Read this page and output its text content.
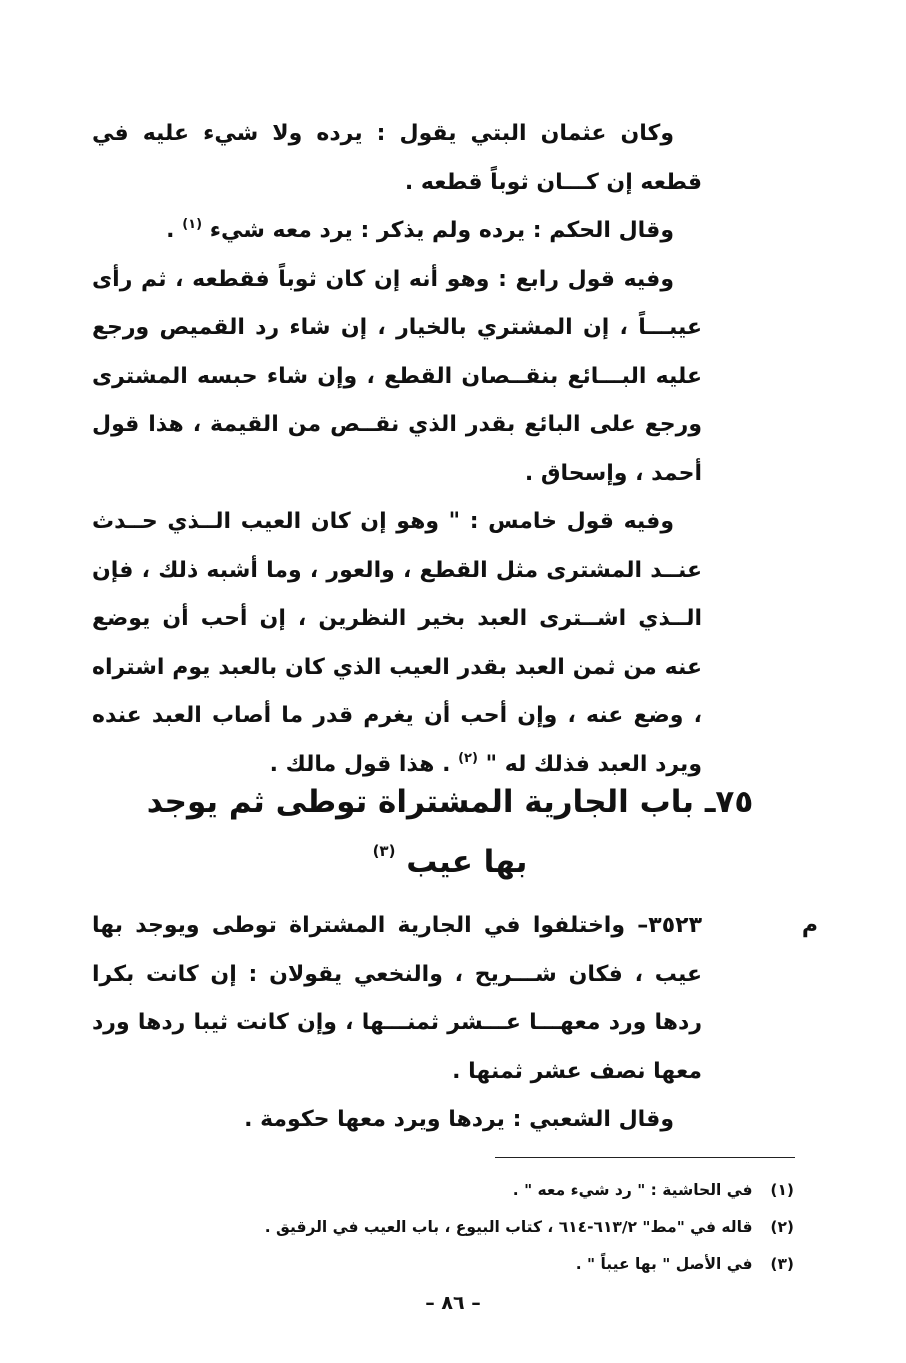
وكان عثمان البتي يقول : يرده ولا شيء عليه في قطعه إن كـــان ثوباً قطعه .

وقال الحكم : يرده ولم يذكر : يرد معه شيء $^{(١)}$ .

وفيه قول رابع : وهو أنه إن كان ثوباً فقطعه ، ثم رأى عيبـــاً ، إن المشتري بالخيار ، إن شاء رد القميص ورجع عليه البـــائع بنقــصان القطع ، وإن شاء حبسه المشترى ورجع على البائع بقدر الذي نقــص من القيمة ، هذا قول أحمد ، وإسحاق .

وفيه قول خامس : " وهو إن كان العيب الــذي حــدث عنــد المشترى مثل القطع ، والعور ، وما أشبه ذلك ، فإن الــذي اشــترى العبد بخير النظرين ، إن أحب أن يوضع عنه من ثمن العبد بقدر العيب الذي كان بالعبد يوم اشتراه ، وضع عنه ، وإن أحب أن يغرم قدر ما أصاب العبد عنده ويرد العبد فذلك له " $^{(٢)}$ . هذا قول مالك .

٧٥ـ باب الجارية المشتراة توطى ثم يوجد بها عيب $^{(٣)}$
م

٣٥٢٣– واختلفوا في الجارية المشتراة توطى ويوجد بها عيب ، فكان شـــريح ، والنخعي يقولان : إن كانت بكرا ردها ورد معهـــا عـــشر ثمنـــها ، وإن كانت ثيبا ردها ورد معها نصف عشر ثمنها .

وقال الشعبي : يردها ويرد معها حكومة .

(١) في الحاشية : " رد شيء معه " .
(٢) قاله في "مط" ٦١٣/٢-٦١٤ ، كتاب البيوع ، باب العيب في الرقيق .
(٣) في الأصل " بها عيباً " .
– ٨٦ –
